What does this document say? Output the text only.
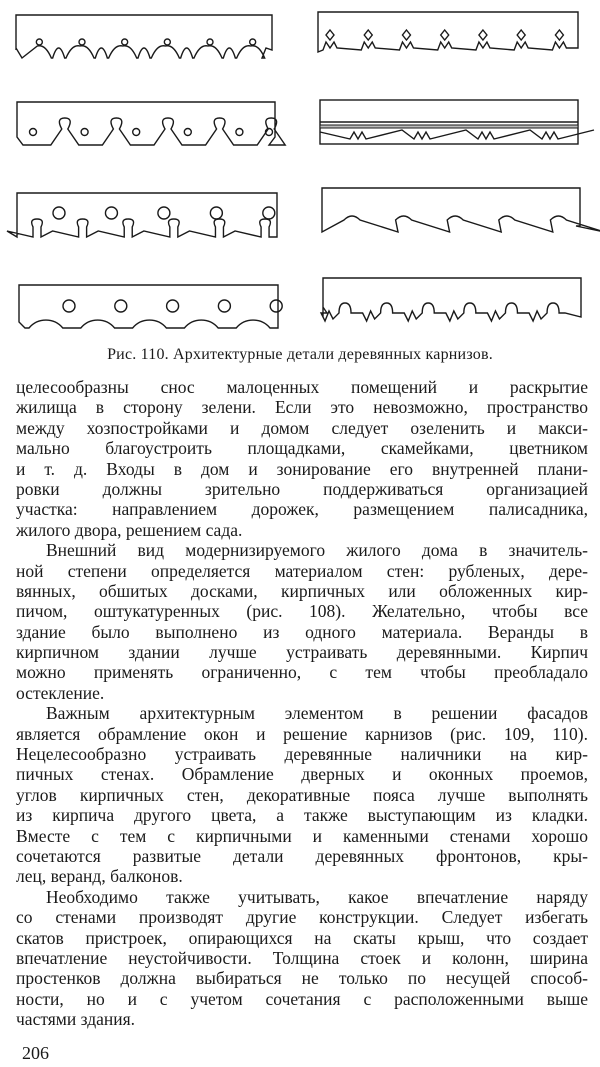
Рис. 110. Архитектурные детали деревянных карнизов.
целесообразны снос малоценных помещений и раскрытие
жилища в сторону зелени. Если это невозможно, пространство
между хозпостройками и домом следует озеленить и макси-
мально благоустроить площадками, скамейками, цветником
и т. д. Входы в дом и зонирование его внутренней плани-
ровки должны зрительно поддерживаться организацией
участка: направлением дорожек, размещением палисадника,
жилого двора, решением сада.
Внешний вид модернизируемого жилого дома в значитель-
ной степени определяется материалом стен: рубленых, дере-
вянных, обшитых досками, кирпичных или обложенных кир-
пичом, оштукатуренных (рис. 108). Желательно, чтобы все
здание было выполнено из одного материала. Веранды в
кирпичном здании лучше устраивать деревянными. Кирпич
можно применять ограниченно, с тем чтобы преобладало
остекление.
Важным архитектурным элементом в решении фасадов
является обрамление окон и решение карнизов (рис. 109, 110).
Нецелесообразно устраивать деревянные наличники на кир-
пичных стенах. Обрамление дверных и оконных проемов,
углов кирпичных стен, декоративные пояса лучше выполнять
из кирпича другого цвета, а также выступающим из кладки.
Вместе с тем с кирпичными и каменными стенами хорошо
сочетаются развитые детали деревянных фронтонов, кры-
лец, веранд, балконов.
Необходимо также учитывать, какое впечатление наряду
со стенами производят другие конструкции. Следует избегать
скатов пристроек, опирающихся на скаты крыш, что создает
впечатление неустойчивости. Толщина стоек и колонн, ширина
простенков должна выбираться не только по несущей способ-
ности, но и с учетом сочетания с расположенными выше
частями здания.
206
